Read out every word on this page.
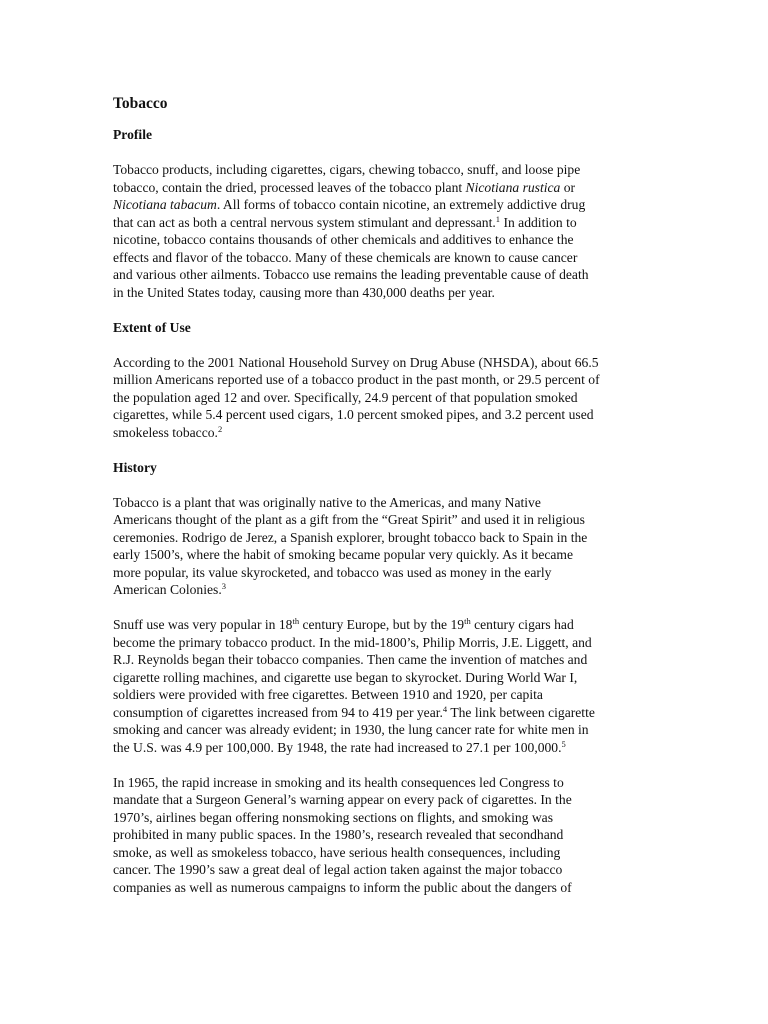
Tobacco
Profile
Tobacco products, including cigarettes, cigars, chewing tobacco, snuff, and loose pipe
tobacco, contain the dried, processed leaves of the tobacco plant Nicotiana rustica or
Nicotiana tabacum. All forms of tobacco contain nicotine, an extremely addictive drug
that can act as both a central nervous system stimulant and depressant.$^1$ In addition to
nicotine, tobacco contains thousands of other chemicals and additives to enhance the
effects and flavor of the tobacco. Many of these chemicals are known to cause cancer
and various other ailments. Tobacco use remains the leading preventable cause of death
in the United States today, causing more than 430,000 deaths per year.
Extent of Use
According to the 2001 National Household Survey on Drug Abuse (NHSDA), about 66.5
million Americans reported use of a tobacco product in the past month, or 29.5 percent of
the population aged 12 and over. Specifically, 24.9 percent of that population smoked
cigarettes, while 5.4 percent used cigars, 1.0 percent smoked pipes, and 3.2 percent used
smokeless tobacco.$^2$
History
Tobacco is a plant that was originally native to the Americas, and many Native
Americans thought of the plant as a gift from the “Great Spirit” and used it in religious
ceremonies. Rodrigo de Jerez, a Spanish explorer, brought tobacco back to Spain in the
early 1500’s, where the habit of smoking became popular very quickly. As it became
more popular, its value skyrocketed, and tobacco was used as money in the early
American Colonies.$^3$
Snuff use was very popular in 18th century Europe, but by the 19th century cigars had
become the primary tobacco product. In the mid-1800’s, Philip Morris, J.E. Liggett, and
R.J. Reynolds began their tobacco companies. Then came the invention of matches and
cigarette rolling machines, and cigarette use began to skyrocket. During World War I,
soldiers were provided with free cigarettes. Between 1910 and 1920, per capita
consumption of cigarettes increased from 94 to 419 per year.$^4$ The link between cigarette
smoking and cancer was already evident; in 1930, the lung cancer rate for white men in
the U.S. was 4.9 per 100,000. By 1948, the rate had increased to 27.1 per 100,000.$^5$
In 1965, the rapid increase in smoking and its health consequences led Congress to
mandate that a Surgeon General’s warning appear on every pack of cigarettes. In the
1970’s, airlines began offering nonsmoking sections on flights, and smoking was
prohibited in many public spaces. In the 1980’s, research revealed that secondhand
smoke, as well as smokeless tobacco, have serious health consequences, including
cancer. The 1990’s saw a great deal of legal action taken against the major tobacco
companies as well as numerous campaigns to inform the public about the dangers of
